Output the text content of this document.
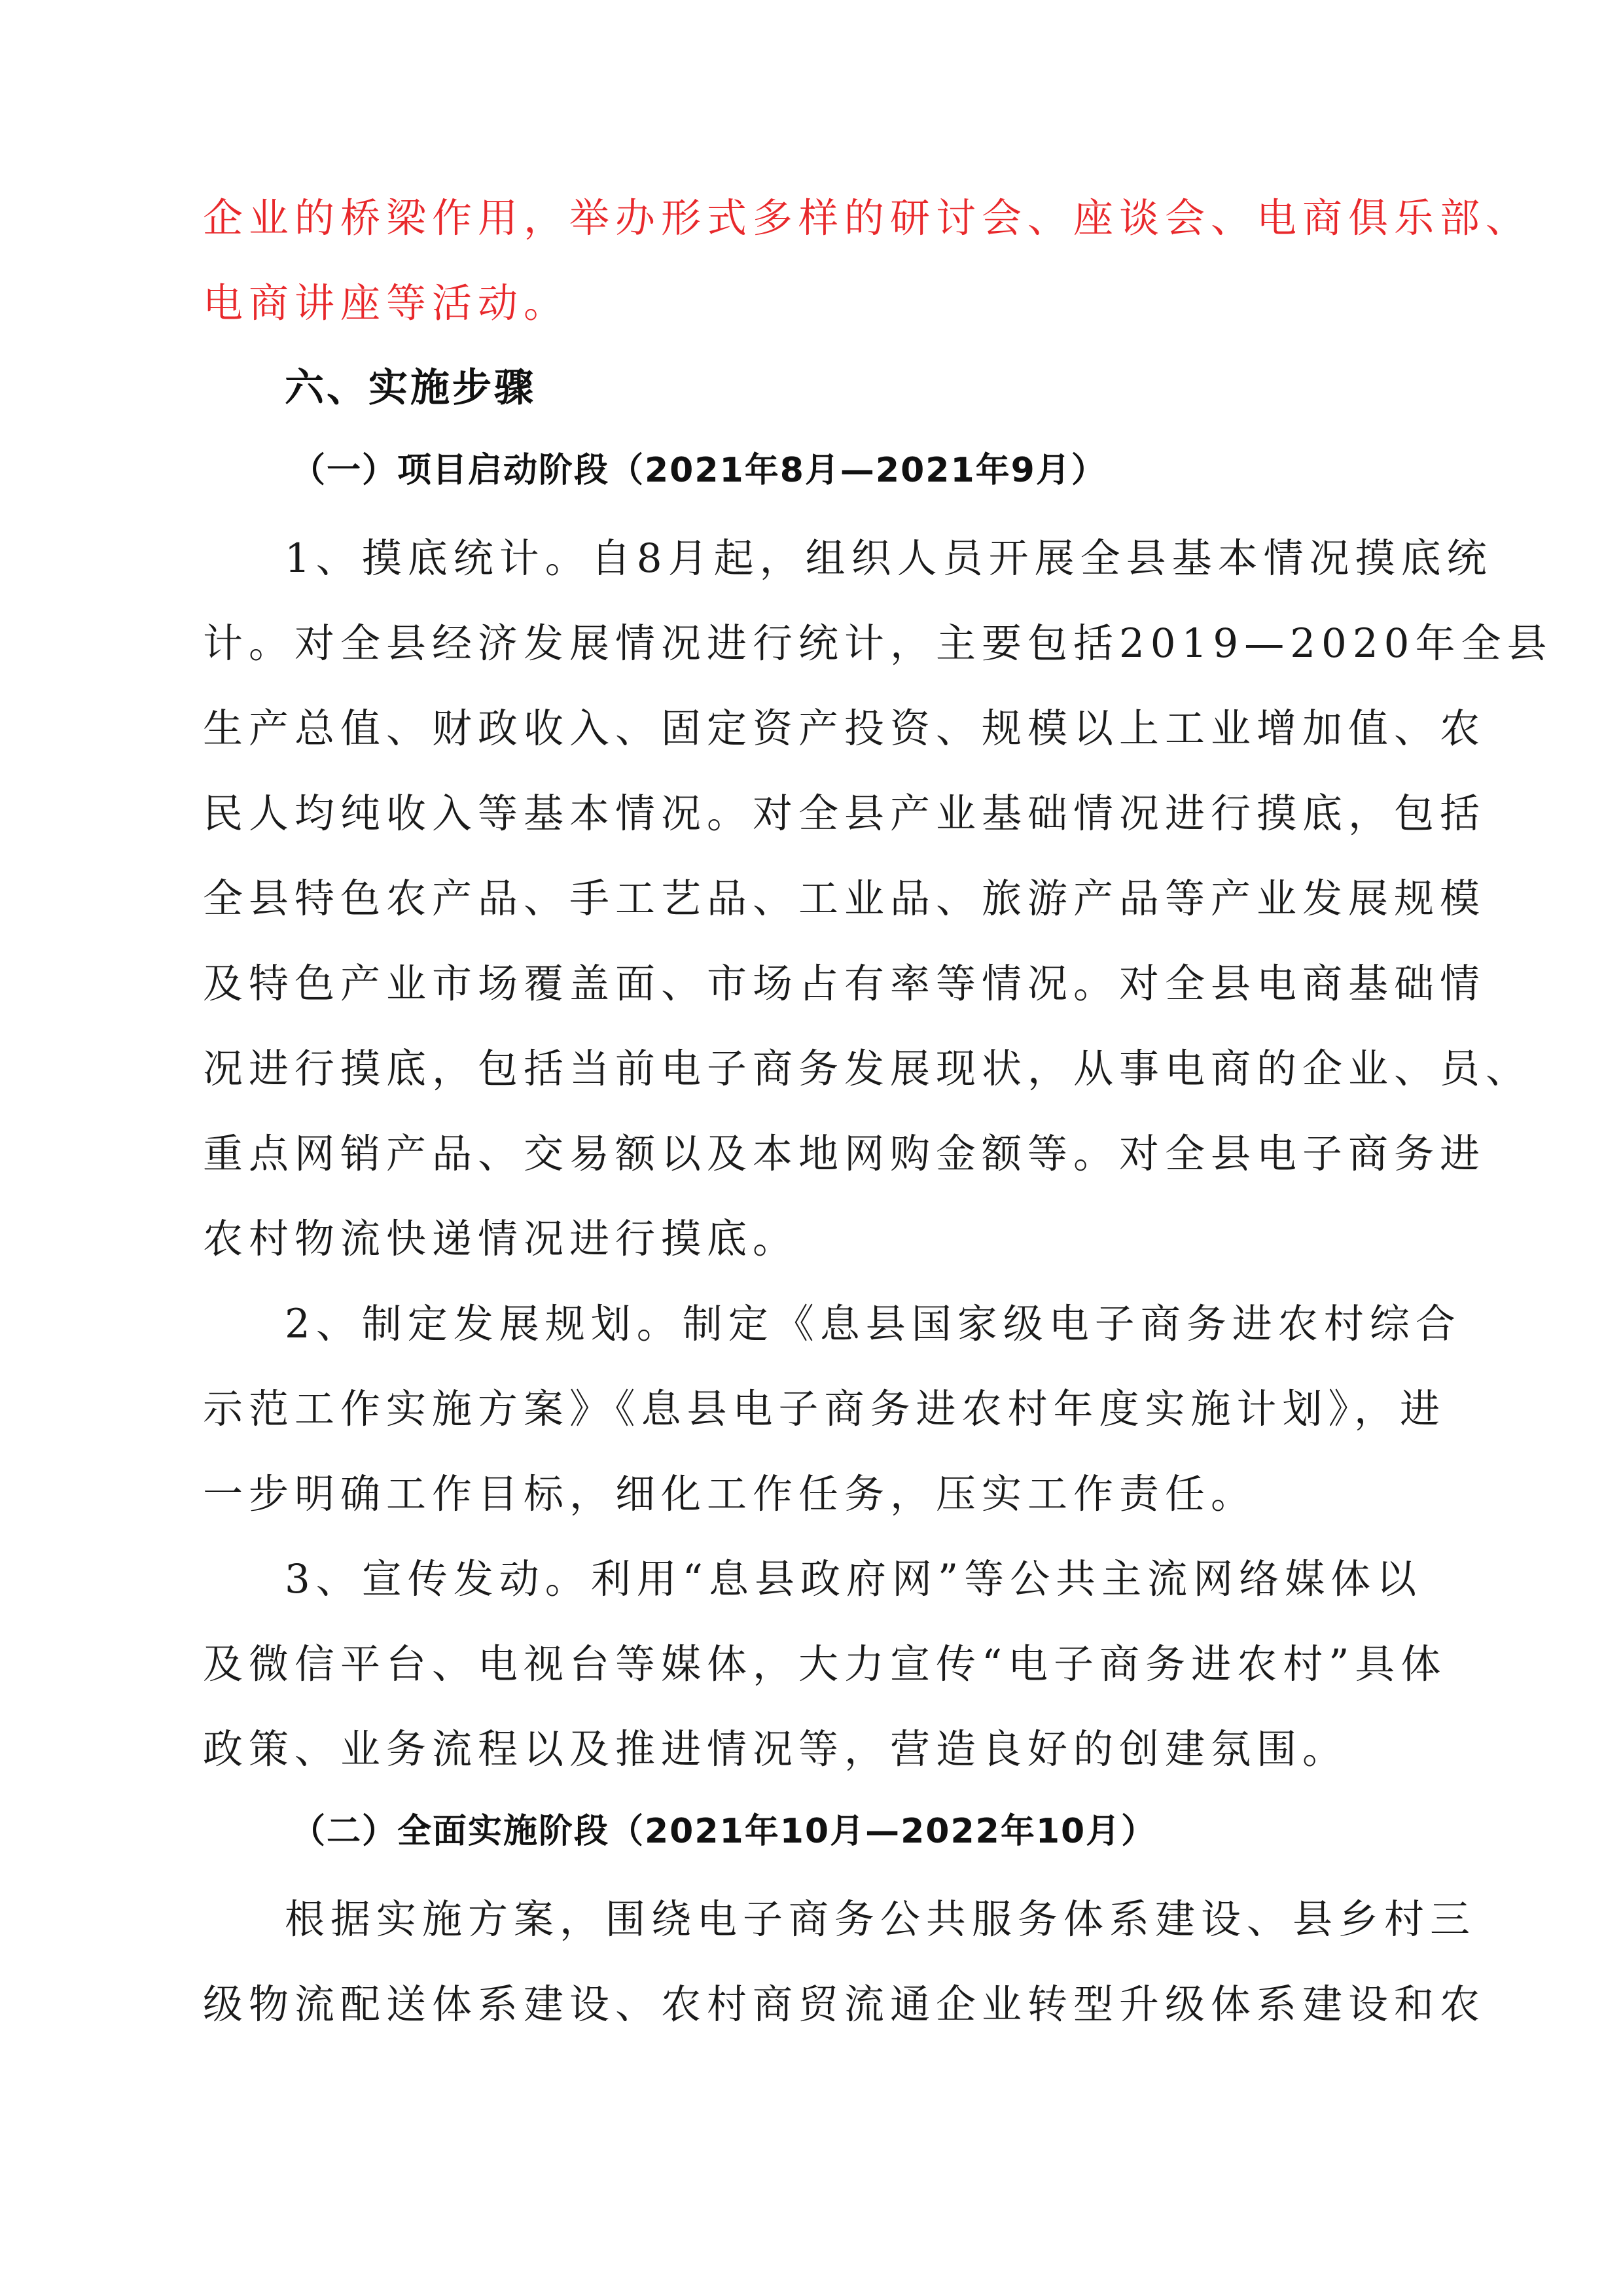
企业的桥梁作用，举办形式多样的研讨会、座谈会、电商俱乐部、
电商讲座等活动。
六、实施步骤
（一）项目启动阶段（2021年8月—2021年9月）
1、摸底统计。自8月起，组织人员开展全县基本情况摸底统
计。对全县经济发展情况进行统计，主要包括2019—2020年全县
生产总值、财政收入、固定资产投资、规模以上工业增加值、农
民人均纯收入等基本情况。对全县产业基础情况进行摸底，包括
全县特色农产品、手工艺品、工业品、旅游产品等产业发展规模
及特色产业市场覆盖面、市场占有率等情况。对全县电商基础情
况进行摸底，包括当前电子商务发展现状，从事电商的企业、员、
重点网销产品、交易额以及本地网购金额等。对全县电子商务进
农村物流快递情况进行摸底。
2、制定发展规划。制定《息县国家级电子商务进农村综合
示范工作实施方案》《息县电子商务进农村年度实施计划》，进
一步明确工作目标，细化工作任务，压实工作责任。
3、宣传发动。利用“息县政府网”等公共主流网络媒体以
及微信平台、电视台等媒体，大力宣传“电子商务进农村”具体
政策、业务流程以及推进情况等，营造良好的创建氛围。
（二）全面实施阶段（2021年10月—2022年10月）
根据实施方案，围绕电子商务公共服务体系建设、县乡村三
级物流配送体系建设、农村商贸流通企业转型升级体系建设和农
